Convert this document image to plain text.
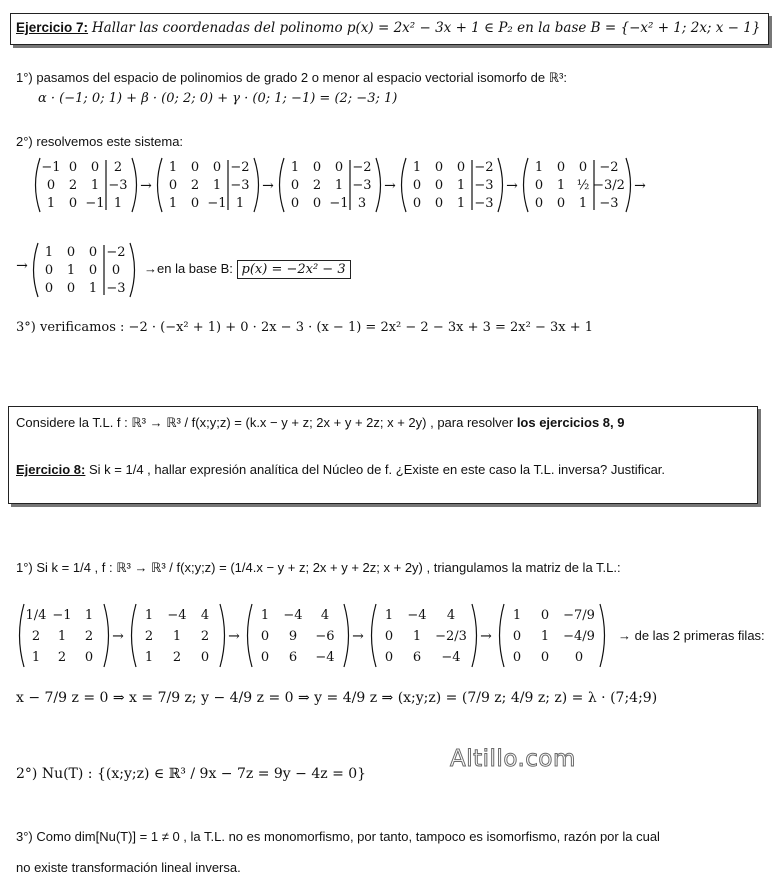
Ejercicio 7: Hallar las coordenadas del polinomo p(x) = 2x² − 3x + 1 ∈ P₂ en la base B = {−x² + 1; 2x; x − 1}
1°) pasamos del espacio de polinomios de grado 2 o menor al espacio vectorial isomorfo de ℝ³:
α · (−1; 0; 1) + β · (0; 2; 0) + γ · (0; 1; −1) = (2; −3; 1)
2°) resolvemos este sistema:
−1 0 0 2
0 2 1 −3
1 0 −1 1
→
1 0 0 −2
0 2 1 −3
1 0 −1 1
→
1 0 0 −2
0 2 1 −3
0 0 −1 3
→
1 0 0 −2
0 0 1 −3
0 0 1 −3
→
1 0 0 −2
0 1 ½ −3/2
0 0 1 −3
→
→
1 0 0 −2
0 1 0 0
0 0 1 −3
→en la base B: p(x) = −2x² − 3
3°) verificamos : −2 · (−x² + 1) + 0 · 2x − 3 · (x − 1) = 2x² − 2 − 3x + 3 = 2x² − 3x + 1
Considere la T.L. f : ℝ³ → ℝ³ / f(x;y;z) = (k.x − y + z; 2x + y + 2z; x + 2y) , para resolver los ejercicios 8, 9
Ejercicio 8: Si k = 1/4 , hallar expresión analítica del Núcleo de f. ¿Existe en este caso la T.L. inversa? Justificar.
1°) Si k = 1/4 , f : ℝ³ → ℝ³ / f(x;y;z) = (1/4.x − y + z; 2x + y + 2z; x + 2y) , triangulamos la matriz de la T.L.:
1/4 −1 1
2 1 2
1 2 0
→
1 −4 4
2 1 2
1 2 0
→
1 −4 4
0 9 −6
0 6 −4
→
1 −4 4
0 1 −2/3
0 6 −4
→
1 0 −7/9
0 1 −4/9
0 0 0
→ de las 2 primeras filas:
x − 7/9 z = 0 ⇒ x = 7/9 z; y − 4/9 z = 0 ⇒ y = 4/9 z ⇒ (x;y;z) = (7/9 z; 4/9 z; z) = λ · (7;4;9)
2°) Nu(T) : {(x;y;z) ∈ ℝ³ / 9x − 7z = 9y − 4z = 0}
Altillo.com
3°) Como dim[Nu(T)] = 1 ≠ 0 , la T.L. no es monomorfismo, por tanto, tampoco es isomorfismo, razón por la cual
no existe transformación lineal inversa.
